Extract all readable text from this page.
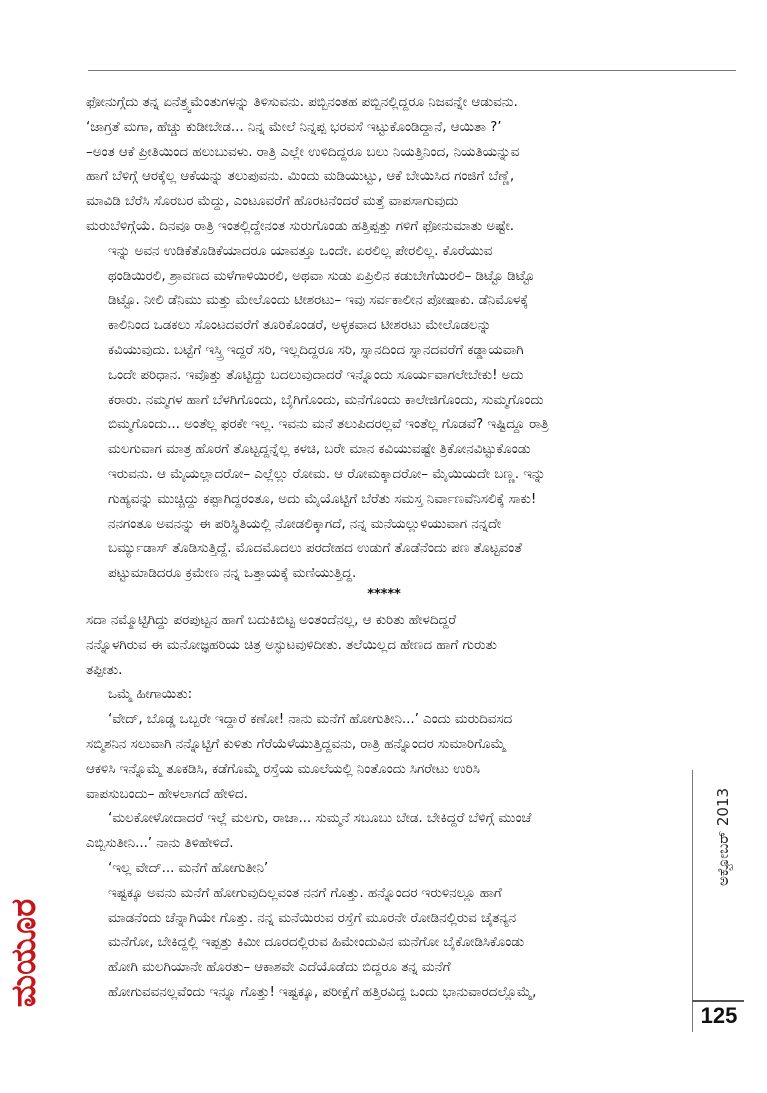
ಫೋನುಗ್ಗೆದು ತನ್ನ ಏನೆತ್ತ್ವಮೆಂತುಗಳನ್ನು ತಿಳಿಸುವನು. ಪಬ್ಬಿನಂತಹ ಪಬ್ಬಿನಲ್ಲಿದ್ದರೂ ನಿಜವನ್ನೇ ಆಡುವನು.
‘ಜಾಗ್ರತೆ ಮಗಾ, ಹೆಚ್ಚು ಕುಡೀಬೇಡ... ನಿನ್ನ ಮೇಲೆ ನಿನ್ನಪ್ಪ ಭರವಸೆ ಇಟ್ಟುಕೊಂಡಿದ್ದಾನೆ, ಆಯಿತಾ ?’
–ಅಂತ ಆಕೆ ಪ್ರೀತಿಯಿಂದ ಹಲುಬುವಳು. ರಾತ್ರಿ ಎಲ್ಲೇ ಉಳಿದಿದ್ದರೂ ಬಲು ನಿಯತ್ತಿನಿಂದ, ನಿಯತಿಯನ್ನುವ
ಹಾಗೆ ಬೆಳಿಗ್ಗೆ ಆರಕ್ಕೆಲ್ಲ ಆಕೆಯನ್ನು ತಲುಪುವನು. ಮಿಂದು ಮಡಿಯುಟ್ಟು, ಆಕೆ ಬೇಯಿಸಿದ ಗಂಜಿಗೆ ಬೆಣ್ಣೆ,
ಮಾವಿಡಿ ಬೆರೆಸಿ ಸೊರಬರ ಮೆದ್ದು, ಎಂಟೂವರೆಗೆ ಹೊರಟನೆಂದರೆ ಮತ್ತೆ ವಾಪಸಾಗುವುದು
ಮರುಬೆಳಿಗ್ಗೆಯೆ. ದಿನವೂ ರಾತ್ರಿ ಇಂತಲ್ಲಿದ್ದೇನಂತ ಸುರುಗೊಂಡು ಹತ್ತಿಪ್ಪತ್ತು ಗಳಿಗೆ ಫೋನುಮಾತು ಅಷ್ಟೇ.

ಇನ್ನು ಅವನ ಉಡಿಕೆತೊಡಿಕೆಯಾದರೂ ಯಾವತ್ತೂ ಒಂದೇ. ಏರಲಿಲ್ಲ ಪೇರಲಿಲ್ಲ. ಕೊರೆಯುವ
ಥಂಡಿಯಿರಲಿ, ಶ್ರಾವಣದ ಮಳೆಗಾಳಿಯಿರಲಿ, ಅಥವಾ ಸುಡು ಏಪ್ರಿಲಿನ ಕಡುಬೇಗೆಯಿರಲಿ– ಡಿಟ್ಟೊ ಡಿಟ್ಟೊ
ಡಿಟ್ಟೊ. ನೀಲಿ ಡೆನಿಮು ಮತ್ತು ಮೇಲೊಂದು ಟೀಶರಟು– ಇವು ಸರ್ವಕಾಲೀನ ಪೋಷಾಕು. ಡೆನಿಮೊಳಕ್ಕೆ
ಕಾಲಿನಿಂದ ಒಡಕಲು ಸೊಂಟದವರೆಗೆ ತೂರಿಕೊಂಡರೆ, ಅಳ್ಳಕವಾದ ಟೀಶರಟು ಮೇಲೊಡಲನ್ನು
ಕವಿಯುವುದು. ಬಟ್ಟೆಗೆ ಇಸ್ತ್ರಿ ಇದ್ದರೆ ಸರಿ, ಇಲ್ಲದಿದ್ದರೂ ಸರಿ, ಸ್ನಾನದಿಂದ ಸ್ನಾನದವರೆಗೆ ಕಡ್ಡಾಯವಾಗಿ
ಒಂದೇ ಪರಿಧಾನ. ಇವೊತ್ತು ತೊಟ್ಟಿದ್ದು ಬದಲುವುದಾದರೆ ಇನ್ನೊಂದು ಸೂರ್ಯವಾಗಲೇಬೇಕು! ಅದು
ಕರಾರು. ನಮ್ಮಗಳ ಹಾಗೆ ಬೆಳಗಿಗೊಂದು, ಬೈಗಿಗೊಂದು, ಮನೆಗೊಂದು ಕಾಲೇಜಿಗೊಂದು, ಸುಮ್ಮಗೊಂದು
ಬಿಮ್ಮಗೊಂದು... ಅಂತೆಲ್ಲ ಫರಕೇ ಇಲ್ಲ. ಇವನು ಮನೆ ತಲುಪಿದರಲ್ಲವೆ ಇಂತೆಲ್ಲ ಗೊಡವೆ? ಇಷ್ಟಿದ್ದೂ ರಾತ್ರಿ
ಮಲಗುವಾಗ ಮಾತ್ರ ಹೊರಗೆ ತೊಟ್ಟದ್ದನ್ನೆಲ್ಲ ಕಳಚಿ, ಬರೇ ಮಾನ ಕವಿಯುವಷ್ಟೇ ತ್ರಿಕೋನವಿಟ್ಟುಕೊಂಡು
ಇರುವನು. ಆ ಮೈಯಲ್ಲಾದರೋ– ಎಲ್ಲೆಲ್ಲು ರೋಮ. ಆ ರೋಮಕ್ಕಾದರೋ– ಮೈಯಿಯದೇ ಬಣ್ಣ. ಇನ್ನು
ಗುಹ್ಯವನ್ನು ಮುಚ್ಚಿದ್ದು ಕಪ್ಪಾಗಿದ್ದರಂತೂ, ಅದು ಮೈಯೊಟ್ಟಿಗೆ ಬೆರೆತು ಸಮಸ್ತ ನಿರ್ವಾಣವೆನಿಸಲಿಕ್ಕೆ ಸಾಕು!
ನನಗಂತೂ ಅವನನ್ನು ಈ ಪರಿಸ್ಥಿತಿಯಲ್ಲಿ ನೋಡಲಿಕ್ಕಾಗದೆ, ನನ್ನ ಮನೆಯಲ್ಲುಳಿಯುವಾಗ ನನ್ನದೇ
ಬರ್ಮ್ಯುಡಾಸ್ ತೊಡಿಸುತ್ತಿದ್ದೆ. ಮೊದಮೊದಲು ಪರದೇಹದ ಉಡುಗೆ ತೊಡೆನೆಂದು ಪಣ ತೊಟ್ಟವಂತೆ
ಪಟ್ಟುಮಾಡಿದರೂ ಕ್ರಮೇಣ ನನ್ನ ಒತ್ತಾಯಕ್ಕೆ ಮಣಿಯುತ್ತಿದ್ದ.

*****

ಸದಾ ನಮ್ಮೊಟ್ಟಿಗಿದ್ದು ಪರಪುಟ್ಟನ ಹಾಗೆ ಬದುಕಿಬಿಟ್ಟ ಅಂತಂದೆನಲ್ಲ, ಆ ಕುರಿತು ಹೇಳದಿದ್ದರೆ
ನನ್ನೊಳಗಿರುವ ಈ ಮನೋಜ್ಞಹರಿಯ ಚಿತ್ರ ಅಸ್ಫುಟವುಳಿದೀತು. ತಲೆಯಿಲ್ಲದ ಹೇಣದ ಹಾಗೆ ಗುರುತು
ತಪ್ಪೀತು.

ಒಮ್ಮೆ ಹೀಗಾಯಿತು:

‘ವೇದ್, ಬೊಡ್ಡ ಒಬ್ಬರೇ ಇದ್ದಾರೆ ಕಣೋ! ನಾನು ಮನೆಗೆ ಹೋಗುತೀನಿ...’ ಎಂದು ಮರುದಿವಸದ

ಸಬ್ಮಿಶನಿನ ಸಲುವಾಗಿ ನನ್ನೊಟ್ಟಿಗೆ ಕುಳಿತು ಗೆರೆಯೆಳೆಯುತ್ತಿದ್ದವನು, ರಾತ್ರಿ ಹನ್ನೊಂದರ ಸುಮಾರಿಗೊಮ್ಮೆ
ಆಕಳಿಸಿ ಇನ್ನೊಮ್ಮೆ ತೂಕಡಿಸಿ, ಕಡೆಗೊಮ್ಮೆ ರಸ್ತೆಯ ಮೂಲೆಯಲ್ಲಿ ನಿಂತೊಂದು ಸಿಗರೇಟು ಉರಿಸಿ
ವಾಪಸುಬಂದು– ಹೇಳಲಾಗದೆ ಹೇಳಿದ.

‘ಮಲಕೋಳೋದಾದರೆ ಇಲ್ಲೆ ಮಲಗು, ರಾಜಾ... ಸುಮ್ಮನೆ ಸಬೂಬು ಬೇಡ. ಬೇಕಿದ್ದರೆ ಬೆಳಿಗ್ಗೆ ಮುಂಚೆ

ಎಬ್ಬಿಸುತೀನಿ...’ ನಾನು ತಿಳಿಹೇಳಿದೆ.

‘ಇಲ್ಲ ವೇದ್... ಮನೆಗೆ ಹೋಗುತೀನಿ’

ಇಷ್ಟಕ್ಕೂ ಅವನು ಮನೆಗೆ ಹೋಗುವುದಿಲ್ಲವಂತ ನನಗೆ ಗೊತ್ತು. ಹನ್ನೊಂದರ ಇರುಳಿನಲ್ಲೂ ಹಾಗೆ
ಮಾಡನೆಂದು ಚೆನ್ನಾಗಿಯೇ ಗೊತ್ತು. ನನ್ನ ಮನೆಯಿರುವ ರಸ್ತೆಗೆ ಮೂರನೇ ರೋಡಿನಲ್ಲಿರುವ ಚೈತನ್ಯನ
ಮನೆಗೋ, ಬೇಕಿದ್ದಲ್ಲಿ ಇಪ್ಪತ್ತು ಕಿಮೀ ದೂರದಲ್ಲಿರುವ ಹಿಮೇಂದುವಿನ ಮನೆಗೋ ಬೈಕೋಡಿಸಿಕೊಂಡು
ಹೋಗಿ ಮಲಗಿಯಾನೇ ಹೊರತು– ಆಕಾಶವೇ ಎದೆಯೊಡೆದು ಬಿದ್ದರೂ ತನ್ನ ಮನೆಗೆ
ಹೋಗುವವನಲ್ಲವೆಂದು ಇನ್ನೂ ಗೊತ್ತು! ಇಷ್ಟಕ್ಕೂ, ಪರೀಕ್ಷೆಗೆ ಹತ್ತಿರವಿದ್ದ ಒಂದು ಭಾನುವಾರದಲ್ಲೊಮ್ಮೆ,

ಅಕ್ಟೋಬರ್ 2013
ಮಯೂರ
125
